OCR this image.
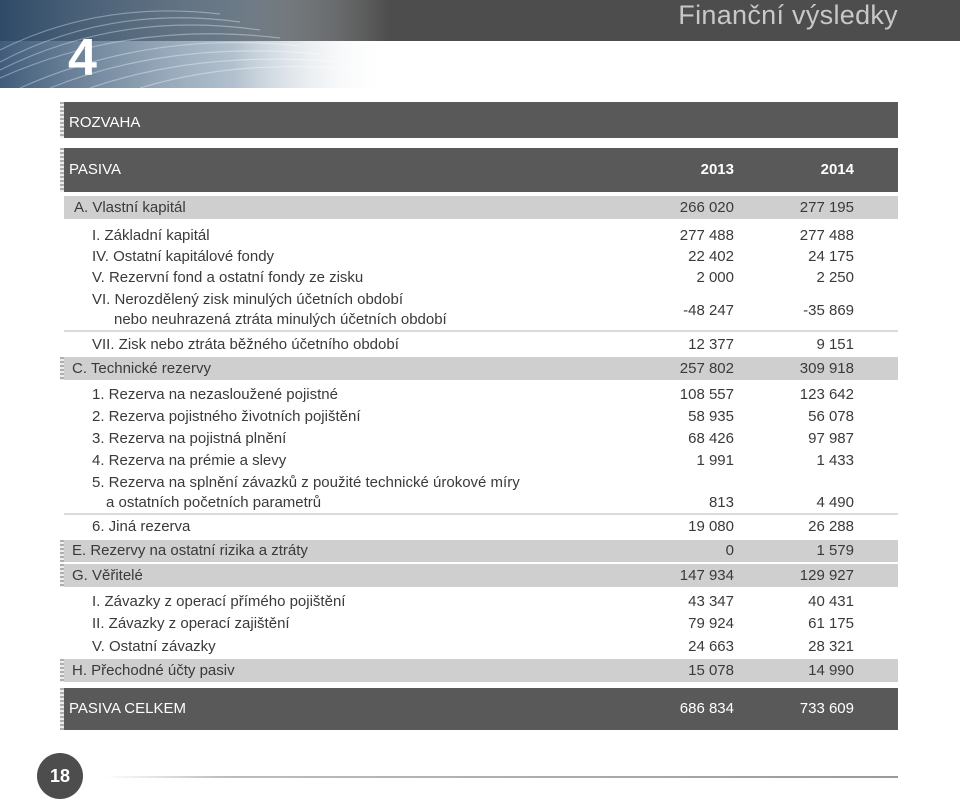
4
Finanční výsledky
ROZVAHA
PASIVA	2013	2014
A. Vlastní kapitál	266 020	277 195
I. Základní kapitál	277 488	277 488
IV. Ostatní kapitálové fondy	22 402	24 175
V. Rezervní fond a ostatní fondy ze zisku	2 000	2 250
VI. Nerozdělený zisk minulých účetních období
nebo neuhrazená ztráta minulých účetních období
-48 247	-35 869
VII. Zisk nebo ztráta běžného účetního období	12 377	9 151
C. Technické rezervy	257 802	309 918
1. Rezerva na nezasloužené pojistné	108 557	123 642
2. Rezerva pojistného životních pojištění	58 935	56 078
3. Rezerva na pojistná plnění	68 426	97 987
4. Rezerva na prémie a slevy	1 991	1 433
5. Rezerva na splnění závazků z použité technické úrokové míry
a ostatních početních parametrů	813	4 490
6. Jiná rezerva	19 080	26 288
E. Rezervy na ostatní rizika a ztráty	0	1 579
G. Věřitelé	147 934	129 927
I. Závazky z operací přímého pojištění	43 347	40 431
II. Závazky z operací zajištění	79 924	61 175
V. Ostatní závazky	24 663	28 321
H. Přechodné účty pasiv	15 078	14 990
PASIVA CELKEM	686 834	733 609
18
